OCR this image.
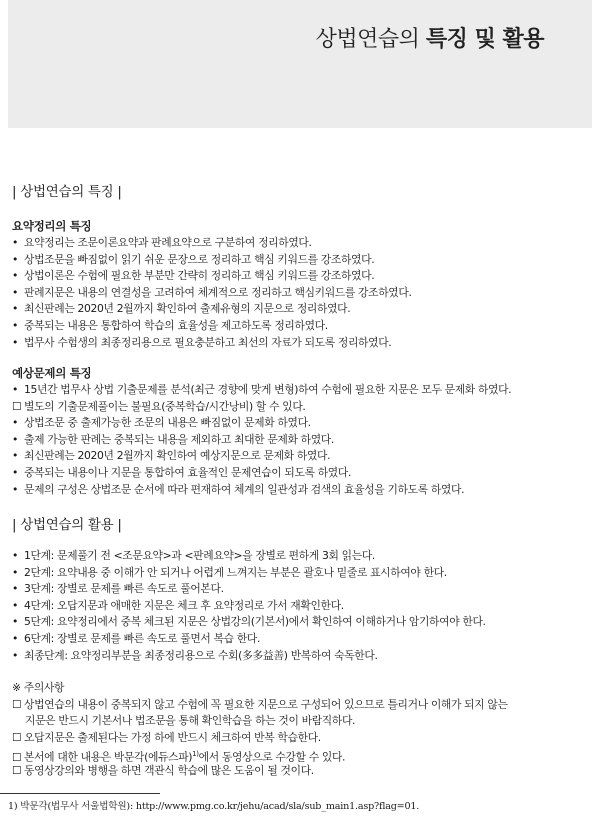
상법연습의 특징 및 활용
| 상법연습의 특징 |
요약정리의 특징
• 요약정리는 조문이론요약과 판례요약으로 구분하여 정리하였다.
• 상법조문을 빠짐없이 읽기 쉬운 문장으로 정리하고 핵심 키워드를 강조하였다.
• 상법이론은 수험에 필요한 부분만 간략히 정리하고 핵심 키워드를 강조하였다.
• 판례지문은 내용의 연결성을 고려하여 체계적으로 정리하고 핵심키워드를 강조하였다.
• 최신판례는 2020년 2월까지 확인하여 출제유형의 지문으로 정리하였다.
• 중복되는 내용은 통합하여 학습의 효율성을 제고하도록 정리하였다.
• 법무사 수험생의 최종정리용으로 필요충분하고 최선의 자료가 되도록 정리하였다.
예상문제의 특징
• 15년간 법무사 상법 기출문제를 분석(최근 경향에 맞게 변형)하여 수험에 필요한 지문은 모두 문제화 하였다.
☐ 별도의 기출문제풀이는 불필요(중복학습/시간낭비) 할 수 있다.
• 상법조문 중 출제가능한 조문의 내용은 빠짐없이 문제화 하였다.
• 출제 가능한 판례는 중복되는 내용을 제외하고 최대한 문제화 하였다.
• 최신판례는 2020년 2월까지 확인하여 예상지문으로 문제화 하였다.
• 중복되는 내용이나 지문을 통합하여 효율적인 문제연습이 되도록 하였다.
• 문제의 구성은 상법조문 순서에 따라 편재하여 체계의 일관성과 검색의 효율성을 기하도록 하였다.
| 상법연습의 활용 |
• 1단계: 문제풀기 전 <조문요약>과 <판례요약>을 장별로 편하게 3회 읽는다.
• 2단계: 요약내용 중 이해가 안 되거나 어렵게 느껴지는 부분은 괄호나 밑줄로 표시하여야 한다.
• 3단계: 장별로 문제를 빠른 속도로 풀어본다.
• 4단계: 오답지문과 애매한 지문은 체크 후 요약정리로 가서 재확인한다.
• 5단계: 요약정리에서 중복 체크된 지문은 상법강의(기본서)에서 확인하여 이해하거나 암기하여야 한다.
• 6단계: 장별로 문제를 빠른 속도로 풀면서 복습 한다.
• 최종단계: 요약정리부분을 최종정리용으로 수회(多多益善) 반복하여 숙독한다.
※ 주의사항
☐ 상법연습의 내용이 중복되지 않고 수험에 꼭 필요한 지문으로 구성되어 있으므로 틀리거나 이해가 되지 않는
지문은 반드시 기본서나 법조문을 통해 확인학습을 하는 것이 바람직하다.
☐ 오답지문은 출제된다는 가정 하에 반드시 체크하여 반복 학습한다.
☐ 본서에 대한 내용은 박문각(에듀스파)$^{1)}$에서 동영상으로 수강할 수 있다.
☐ 동영상강의와 병행을 하면 객관식 학습에 많은 도움이 될 것이다.
1) 박문각(법무사 서울법학원): http://www.pmg.co.kr/jehu/acad/sla/sub_main1.asp?flag=01.
